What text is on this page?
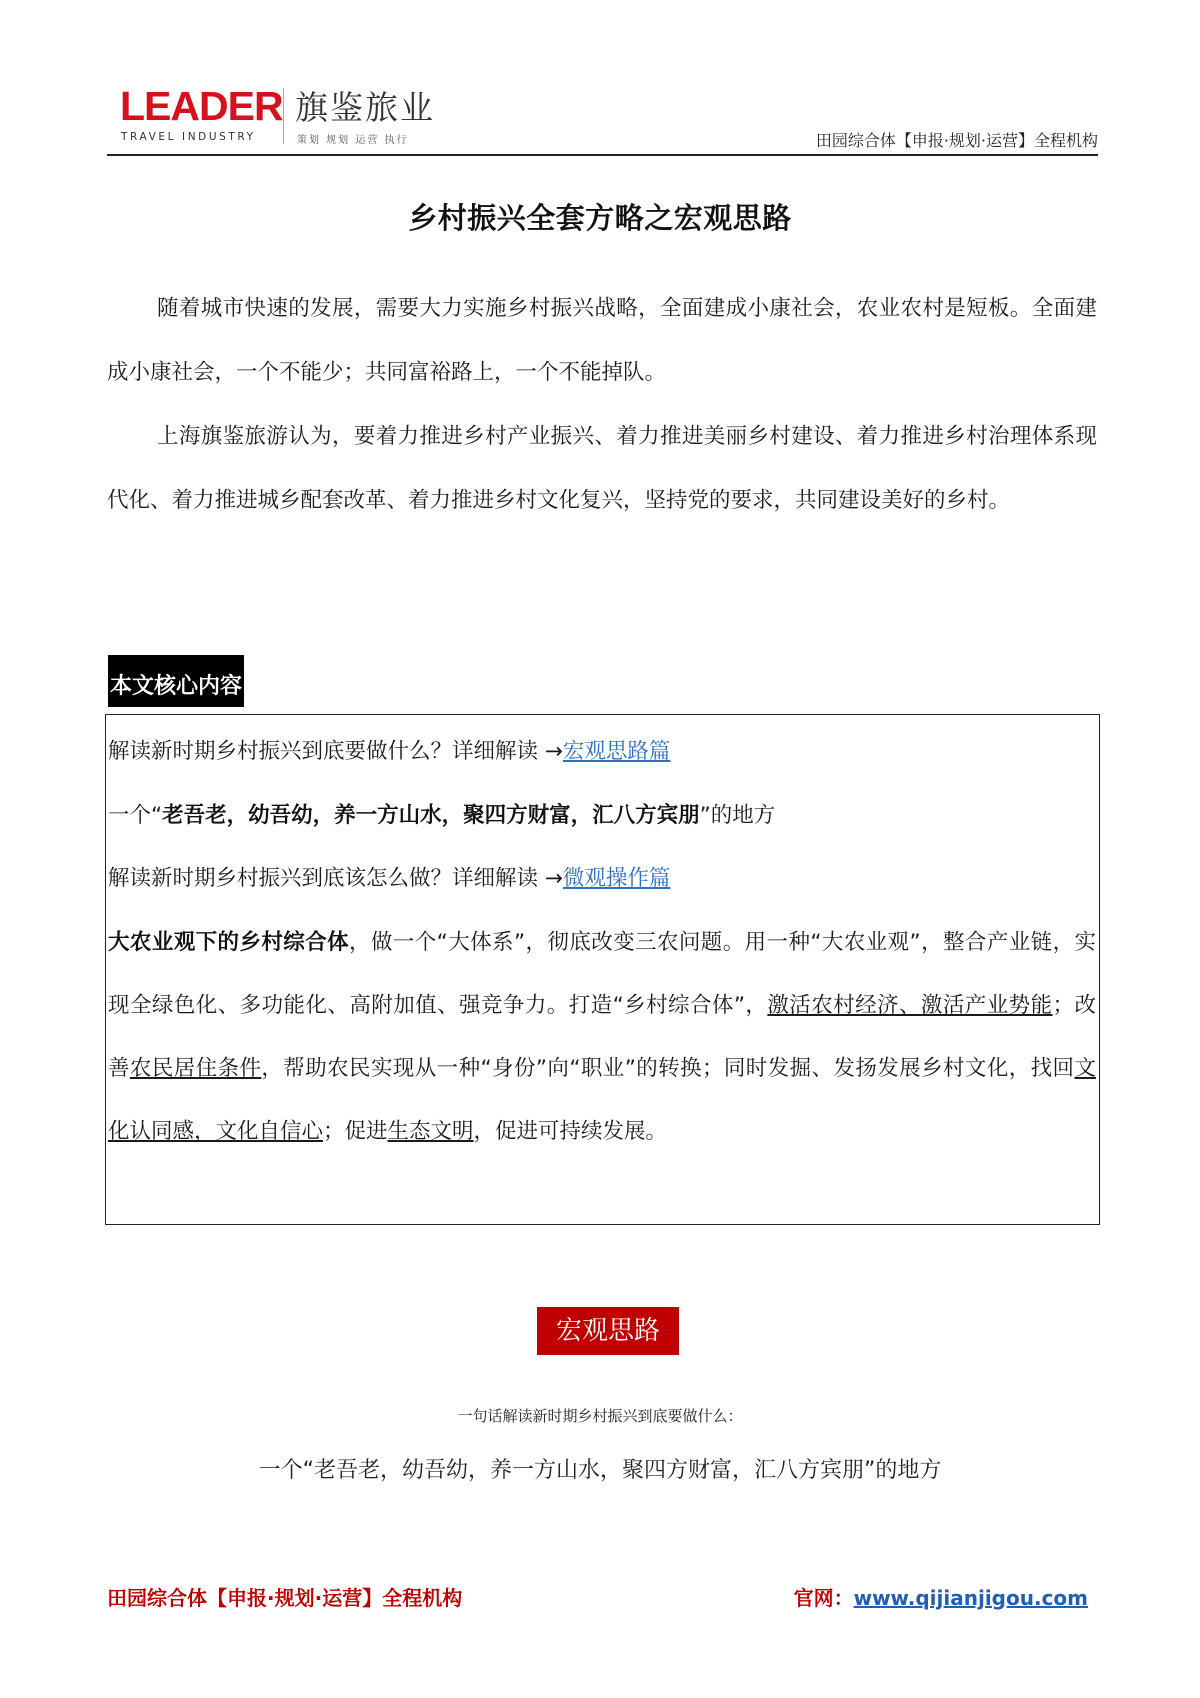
LEADER
TRAVEL INDUSTRY
旗鉴旅业
策划 规划 运营 执行	田园综合体【申报·规划·运营】全程机构
乡村振兴全套方略之宏观思路
随着城市快速的发展，需要大力实施乡村振兴战略，全面建成小康社会，农业农村是短板。全面建成小康社会，一个不能少；共同富裕路上，一个不能掉队。
上海旗鉴旅游认为，要着力推进乡村产业振兴、着力推进美丽乡村建设、着力推进乡村治理体系现代化、着力推进城乡配套改革、着力推进乡村文化复兴，坚持党的要求，共同建设美好的乡村。
本文核心内容
解读新时期乡村振兴到底要做什么？详细解读 →宏观思路篇
一个“老吾老，幼吾幼，养一方山水，聚四方财富，汇八方宾朋”的地方
解读新时期乡村振兴到底该怎么做？详细解读 →微观操作篇
大农业观下的乡村综合体，做一个“大体系”，彻底改变三农问题。用一种“大农业观”，整合产业链，实现全绿色化、多功能化、高附加值、强竞争力。打造“乡村综合体”，激活农村经济、激活产业势能；改善农民居住条件，帮助农民实现从一种“身份”向“职业”的转换；同时发掘、发扬发展乡村文化，找回文化认同感，文化自信心；促进生态文明，促进可持续发展。
宏观思路
一句话解读新时期乡村振兴到底要做什么：
一个“老吾老，幼吾幼，养一方山水，聚四方财富，汇八方宾朋”的地方
田园综合体【申报·规划·运营】全程机构	官网：www.qijianjigou.com
